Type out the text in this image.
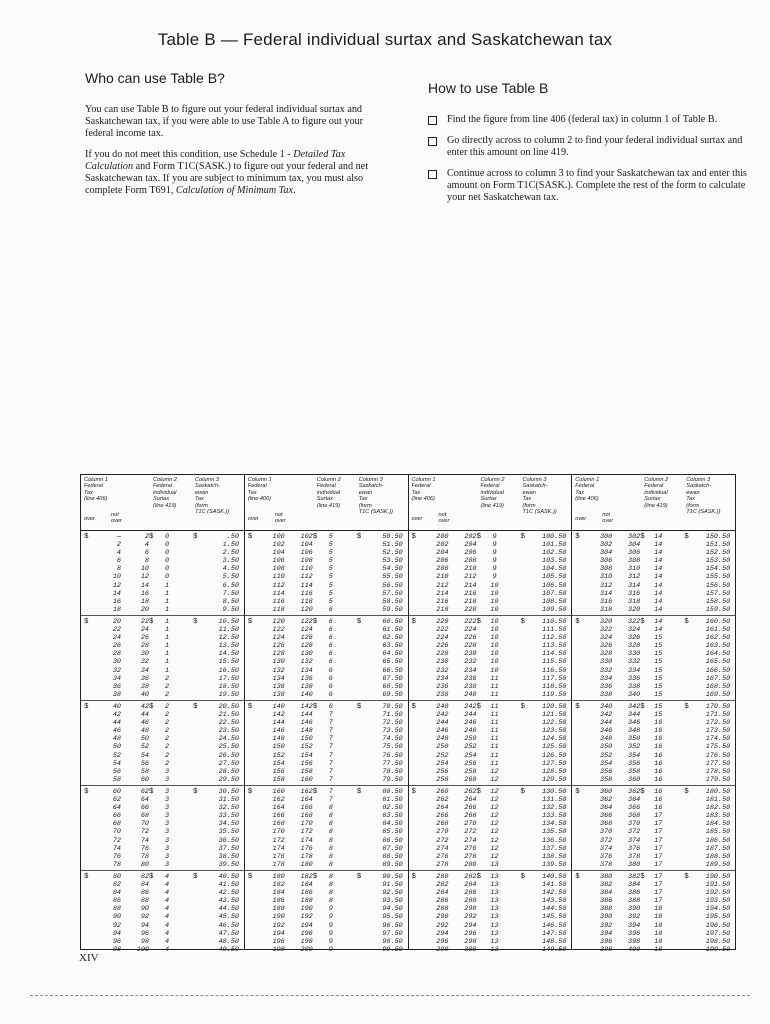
Table B — Federal individual surtax and Saskatchewan tax
Who can use Table B?

You can use Table B to figure out your federal individual surtax and Saskatchewan tax, if you were able to use Table A to figure out your federal income tax.

If you do not meet this condition, use Schedule 1 - Detailed Tax Calculation and Form T1C(SASK.) to figure out your federal and net Saskatchewan tax. If you are subject to minimum tax, you must also complete Form T691, Calculation of Minimum Tax.

How to use Table B
Find the figure from line 406 (federal tax) in column 1 of Table B.
Go directly across to column 2 to find your federal individual surtax and enter this amount on line 419.
Continue across to column 3 to find your Saskatchewan tax and enter this amount on Form T1C(SASK.). Complete the rest of the form to calculate your net Saskatchewan tax.
Column 1
Federal
Tax
(line 406)
Column 2
Federal
individual
Surtax
(line 419)
Column 3
Saskatch-
ewan
Tax
(form
T1C (SASK.))
over
not
over
$	$	$
—	2	0	.50
2	4	0	1.50
4	6	0	2.50
6	8	0	3.50
8	10	0	4.50
10	12	0	5.50
12	14	1	6.50
14	16	1	7.50
16	18	1	8.50
18	20	1	9.50
$	$	$
20	22	1	10.50
22	24	1	11.50
24	26	1	12.50
26	28	1	13.50
28	30	1	14.50
30	32	1	15.50
32	34	1	16.50
34	36	2	17.50
36	38	2	18.50
38	40	2	19.50
$	$	$
40	42	2	20.50
42	44	2	21.50
44	46	2	22.50
46	48	2	23.50
48	50	2	24.50
50	52	2	25.50
52	54	2	26.50
54	56	2	27.50
56	58	3	28.50
58	60	3	29.50
$	$	$
60	62	3	30.50
62	64	3	31.50
64	66	3	32.50
66	68	3	33.50
68	70	3	34.50
70	72	3	35.50
72	74	3	36.50
74	76	3	37.50
76	78	3	38.50
78	80	3	39.50
$	$	$
80	82	4	40.50
82	84	4	41.50
84	86	4	42.50
86	88	4	43.50
88	90	4	44.50
90	92	4	45.50
92	94	4	46.50
94	96	4	47.50
96	98	4	48.50
98	100	4	49.50
Column 1
Federal
Tax
(line 406)
Column 2
Federal
individual
Surtax
(line 419)
Column 3
Saskatch-
ewan
Tax
(form
T1C (SASK.))
over
not
over
$	$	$
100	102	5	50.50
102	104	5	51.50
104	106	5	52.50
106	108	5	53.50
108	110	5	54.50
110	112	5	55.50
112	114	5	56.50
114	116	5	57.50
116	118	5	58.50
118	120	6	59.50
$	$	$
120	122	6	60.50
122	124	6	61.50
124	126	6	62.50
126	128	6	63.50
128	130	6	64.50
130	132	6	65.50
132	134	6	66.50
134	136	6	67.50
136	138	6	68.50
138	140	6	69.50
$	$	$
140	142	6	70.50
142	144	7	71.50
144	146	7	72.50
146	148	7	73.50
148	150	7	74.50
150	152	7	75.50
152	154	7	76.50
154	156	7	77.50
156	158	7	78.50
158	160	7	79.50
$	$	$
160	162	7	80.50
162	164	7	81.50
164	166	8	82.50
166	168	8	83.50
168	170	8	84.50
170	172	8	85.50
172	174	8	86.50
174	176	8	87.50
176	178	8	88.50
178	180	8	89.50
$	$	$
180	182	8	90.50
182	184	8	91.50
184	186	8	92.50
186	188	8	93.50
188	190	9	94.50
190	192	9	95.50
192	194	9	96.50
194	196	9	97.50
196	198	9	98.50
198	200	9	99.50
Column 1
Federal
Tax
(line 406)
Column 2
Federal
individual
Surtax
(line 419)
Column 3
Saskatch-
ewan
Tax
(form
T1C (SASK.))
over
not
over
$	$	$
200	202	9	100.50
202	204	9	101.50
204	206	9	102.50
206	208	9	103.50
208	210	9	104.50
210	212	9	105.50
212	214	10	106.50
214	216	10	107.50
216	218	10	108.50
218	220	10	109.50
$	$	$
220	222	10	110.50
222	224	10	111.50
224	226	10	112.50
226	228	10	113.50
228	230	10	114.50
230	232	10	115.50
232	234	10	116.50
234	236	11	117.50
236	238	11	118.50
238	240	11	119.50
$	$	$
240	242	11	120.50
242	244	11	121.50
244	246	11	122.50
246	248	11	123.50
248	250	11	124.50
250	252	11	125.50
252	254	11	126.50
254	256	11	127.50
256	258	12	128.50
258	260	12	129.50
$	$	$
260	262	12	130.50
262	264	12	131.50
264	266	12	132.50
266	268	12	133.50
268	270	12	134.50
270	272	12	135.50
272	274	12	136.50
274	276	12	137.50
276	278	12	138.50
278	280	13	139.50
$	$	$
280	282	13	140.50
282	284	13	141.50
284	286	13	142.50
286	288	13	143.50
288	290	13	144.50
290	292	13	145.50
292	294	13	146.50
294	296	13	147.50
296	298	13	148.50
298	300	13	149.50
Column 1
Federal
Tax
(line 406)
Column 2
Federal
individual
Surtax
(line 419)
Column 3
Saskatch-
ewan
Tax
(form
T1C (SASK.))
over
not
over
$	$	$
300	302	14	150.50
302	304	14	151.50
304	306	14	152.50
306	308	14	153.50
308	310	14	154.50
310	312	14	155.50
312	314	14	156.50
314	316	14	157.50
316	318	14	158.50
318	320	14	159.50
$	$	$
320	322	14	160.50
322	324	14	161.50
324	326	15	162.50
326	328	15	163.50
328	330	15	164.50
330	332	15	165.50
332	334	15	166.50
334	336	15	167.50
336	338	15	168.50
338	340	15	169.50
$	$	$
340	342	15	170.50
342	344	15	171.50
344	346	16	172.50
346	348	16	173.50
348	350	16	174.50
350	352	16	175.50
352	354	16	176.50
354	356	16	177.50
356	358	16	178.50
358	360	16	179.50
$	$	$
360	362	16	180.50
362	364	16	181.50
364	366	16	182.50
366	368	17	183.50
368	370	17	184.50
370	372	17	185.50
372	374	17	186.50
374	376	17	187.50
376	378	17	188.50
378	380	17	189.50
$	$	$
380	382	17	190.50
382	384	17	191.50
384	386	17	192.50
386	388	17	193.50
388	390	18	194.50
390	392	18	195.50
392	394	18	196.50
394	396	18	197.50
396	398	18	198.50
398	400	18	199.50
XIV
